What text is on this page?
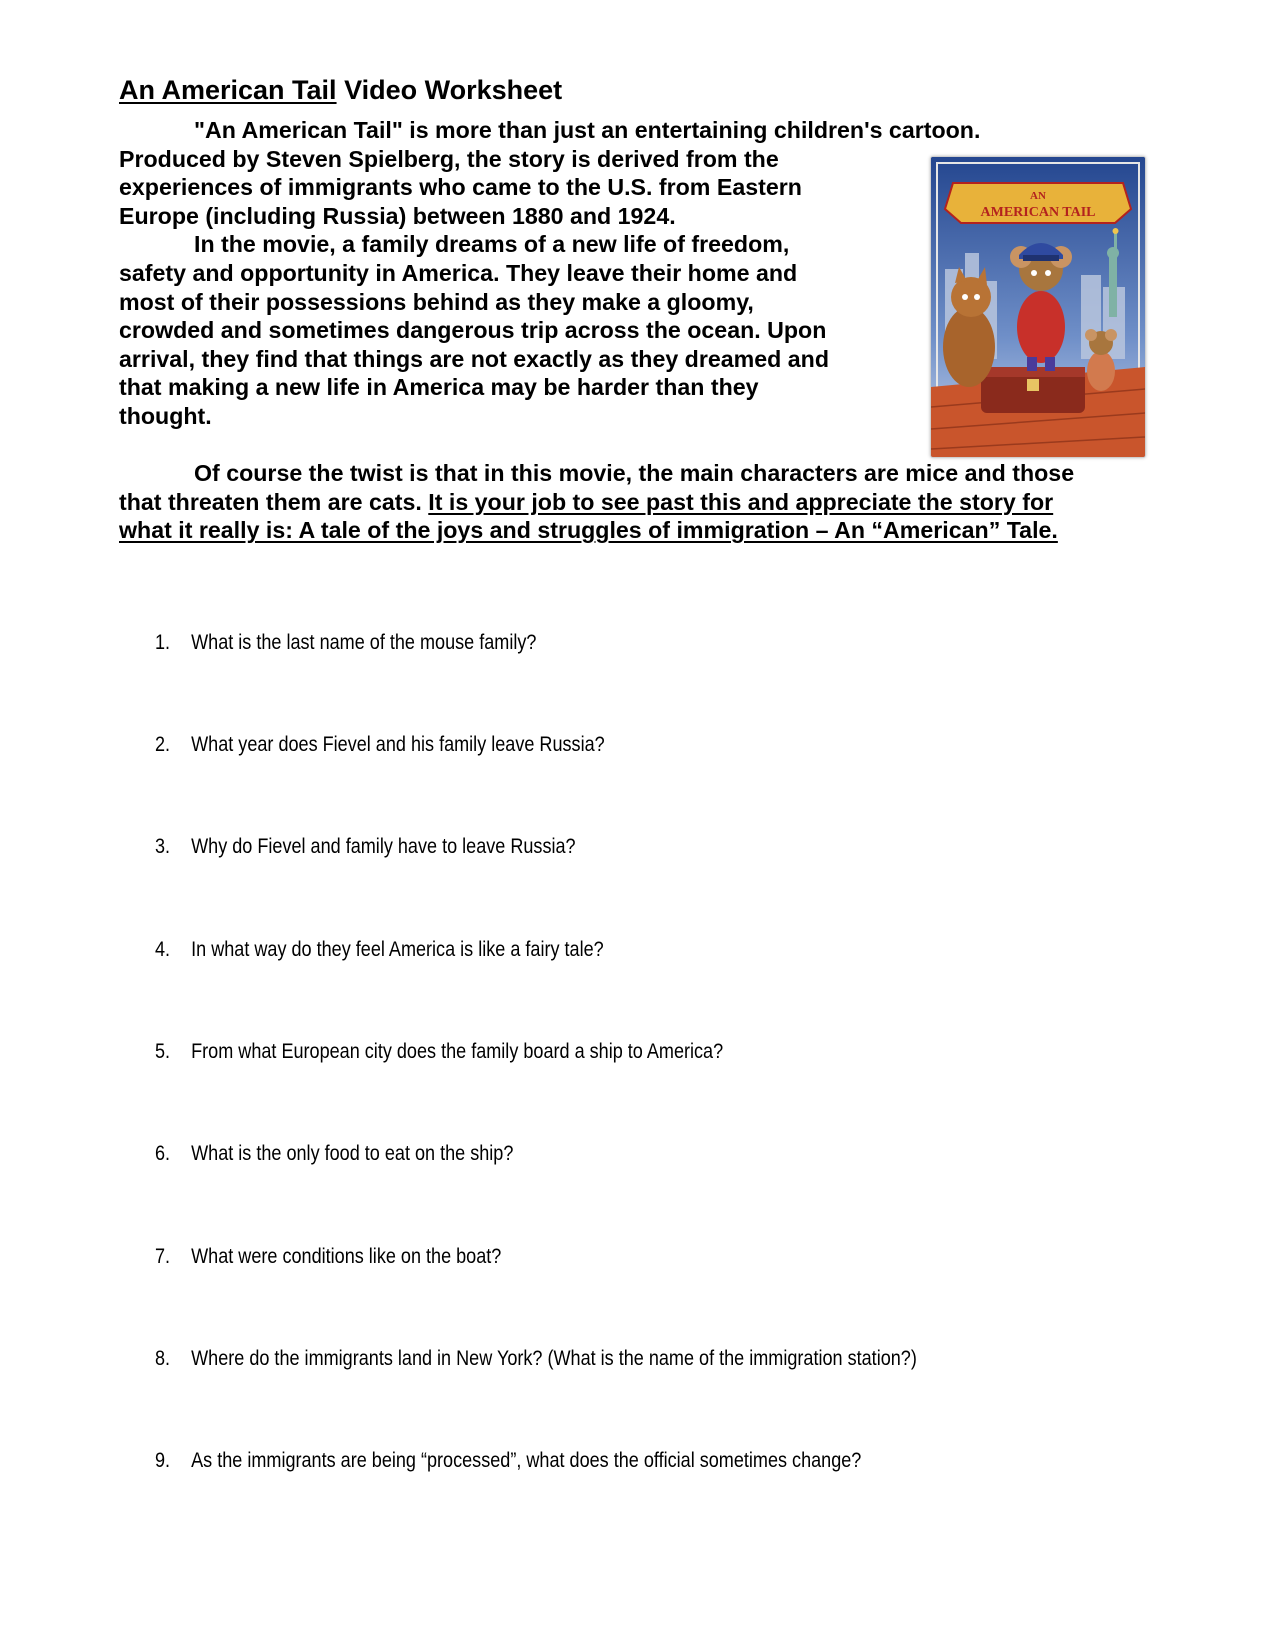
An American Tail Video Worksheet
"An American Tail" is more than just an entertaining children's cartoon.
Produced by Steven Spielberg, the story is derived from the
experiences of immigrants who came to the U.S. from Eastern
Europe (including Russia) between 1880 and 1924.
In the movie, a family dreams of a new life of freedom,
safety and opportunity in America. They leave their home and
most of their possessions behind as they make a gloomy,
crowded and sometimes dangerous trip across the ocean. Upon
arrival, they find that things are not exactly as they dreamed and
that making a new life in America may be harder than they
thought.
Of course the twist is that in this movie, the main characters are mice and those
that threaten them are cats. It is your job to see past this and appreciate the story for
what it really is: A tale of the joys and struggles of immigration – An “American” Tale.
AN
AMERICAN TAIL
1. What is the last name of the mouse family?
2. What year does Fievel and his family leave Russia?
3. Why do Fievel and family have to leave Russia?
4. In what way do they feel America is like a fairy tale?
5. From what European city does the family board a ship to America?
6. What is the only food to eat on the ship?
7. What were conditions like on the boat?
8. Where do the immigrants land in New York? (What is the name of the immigration station?)
9. As the immigrants are being “processed”, what does the official sometimes change?
